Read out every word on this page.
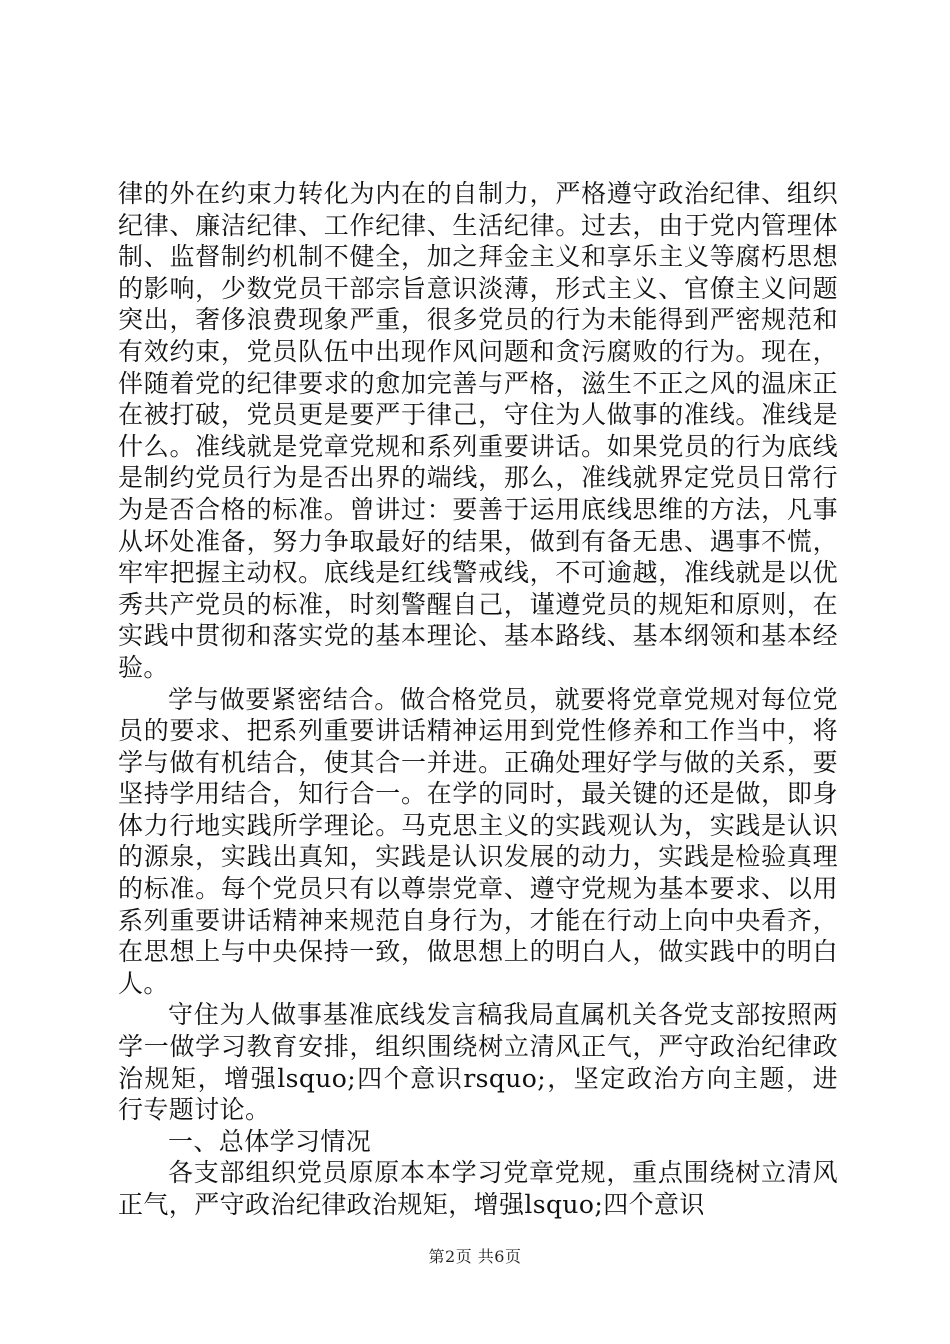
律的外在约束力转化为内在的自制力，严格遵守政治纪律、组织纪律、廉洁纪律、工作纪律、生活纪律。过去，由于党内管理体制、监督制约机制不健全，加之拜金主义和享乐主义等腐朽思想的影响，少数党员干部宗旨意识淡薄，形式主义、官僚主义问题突出，奢侈浪费现象严重，很多党员的行为未能得到严密规范和有效约束，党员队伍中出现作风问题和贪污腐败的行为。现在，伴随着党的纪律要求的愈加完善与严格，滋生不正之风的温床正在被打破，党员更是要严于律己，守住为人做事的准线。准线是什么。准线就是党章党规和系列重要讲话。如果党员的行为底线是制约党员行为是否出界的端线，那么，准线就界定党员日常行为是否合格的标准。曾讲过：要善于运用底线思维的方法，凡事从坏处准备，努力争取最好的结果，做到有备无患、遇事不慌，牢牢把握主动权。底线是红线警戒线，不可逾越，准线就是以优秀共产党员的标准，时刻警醒自己，谨遵党员的规矩和原则，在实践中贯彻和落实党的基本理论、基本路线、基本纲领和基本经验。

学与做要紧密结合。做合格党员，就要将党章党规对每位党员的要求、把系列重要讲话精神运用到党性修养和工作当中，将学与做有机结合，使其合一并进。正确处理好学与做的关系，要坚持学用结合，知行合一。在学的同时，最关键的还是做，即身体力行地实践所学理论。马克思主义的实践观认为，实践是认识的源泉，实践出真知，实践是认识发展的动力，实践是检验真理的标准。每个党员只有以尊崇党章、遵守党规为基本要求、以用系列重要讲话精神来规范自身行为，才能在行动上向中央看齐，在思想上与中央保持一致，做思想上的明白人，做实践中的明白人。

守住为人做事基准底线发言稿我局直属机关各党支部按照两学一做学习教育安排，组织围绕树立清风正气，严守政治纪律政治规矩，增强lsquo;四个意识rsquo;，坚定政治方向主题，进行专题讨论。

一、总体学习情况

各支部组织党员原原本本学习党章党规，重点围绕树立清风正气，严守政治纪律政治规矩，增强lsquo;四个意识

第2页 共6页
